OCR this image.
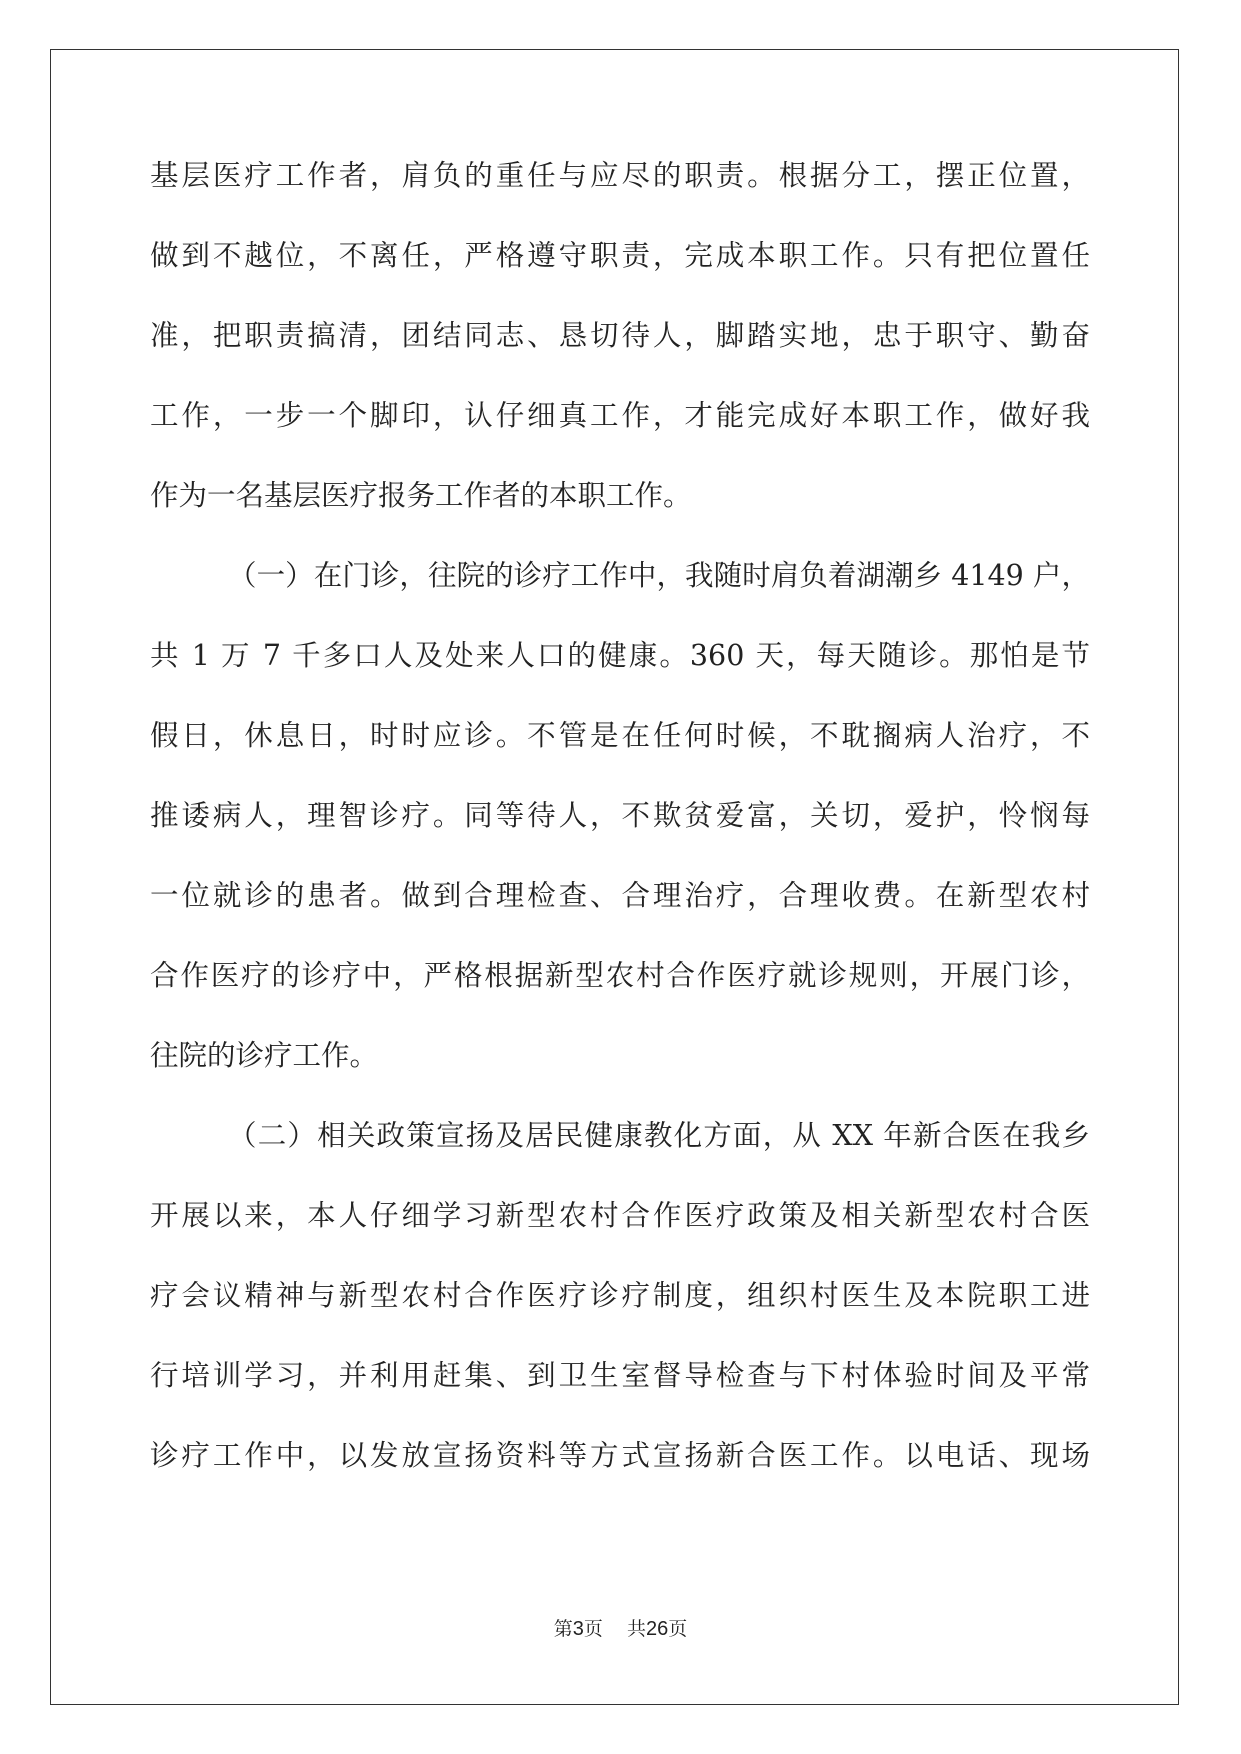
基层医疗工作者，肩负的重任与应尽的职责。根据分工，摆正位置，
做到不越位，不离任，严格遵守职责，完成本职工作。只有把位置任
准，把职责搞清，团结同志、恳切待人，脚踏实地，忠于职守、勤奋
工作，一步一个脚印，认仔细真工作，才能完成好本职工作，做好我
作为一名基层医疗报务工作者的本职工作。
（一）在门诊，往院的诊疗工作中，我随时肩负着湖潮乡 4149 户，
共 1 万 7 千多口人及处来人口的健康。360 天，每天随诊。那怕是节
假日，休息日，时时应诊。不管是在任何时候，不耽搁病人治疗，不
推诿病人，理智诊疗。同等待人，不欺贫爱富，关切，爱护，怜悯每
一位就诊的患者。做到合理检查、合理治疗，合理收费。在新型农村
合作医疗的诊疗中，严格根据新型农村合作医疗就诊规则，开展门诊，
往院的诊疗工作。
（二）相关政策宣扬及居民健康教化方面，从 XX 年新合医在我乡
开展以来，本人仔细学习新型农村合作医疗政策及相关新型农村合医
疗会议精神与新型农村合作医疗诊疗制度，组织村医生及本院职工进
行培训学习，并利用赶集、到卫生室督导检查与下村体验时间及平常
诊疗工作中，以发放宣扬资料等方式宣扬新合医工作。以电话、现场
第3页 共26页
